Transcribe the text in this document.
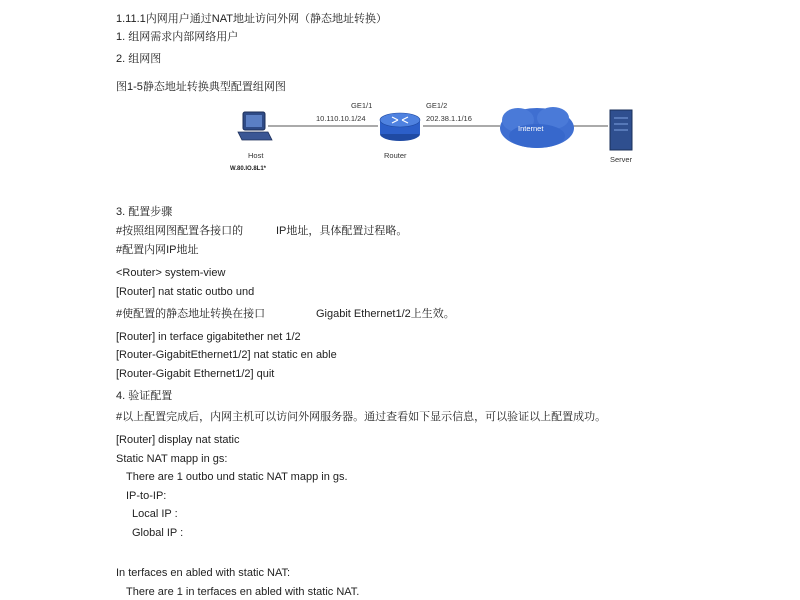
1.11.1内网用户通过NAT地址访问外网（静态地址转换）
1. 组网需求内部网络用户
2. 组网图
图1-5静态地址转换典型配置组网图
Host
W.80.IO.8L1*
GE1/1
10.110.10.1/24
GE1/2
202.38.1.1/16
Router
Internet
Server
3. 配置步骤
#按照组网图配置各接口的	IP地址，具体配置过程略。
#配置内网IP地址
<Router> system-view
[Router] nat static outbo und
#使配置的静态地址转换在接口	Gigabit Ethernet1/2上生效。
[Router] in terface gigabitether net 1/2
[Router-GigabitEthernet1/2] nat static en able
[Router-Gigabit Ethernet1/2] quit
4. 验证配置
#以上配置完成后，内网主机可以访问外网服务器。通过查看如下显示信息，可以验证以上配置成功。
[Router] display nat static
Static NAT mapp in gs:
There are 1 outbo und static NAT mapp in gs.
IP-to-IP:
Local IP :
Global IP :
In terfaces en abled with static NAT:
There are 1 in terfaces en abled with static NAT.
